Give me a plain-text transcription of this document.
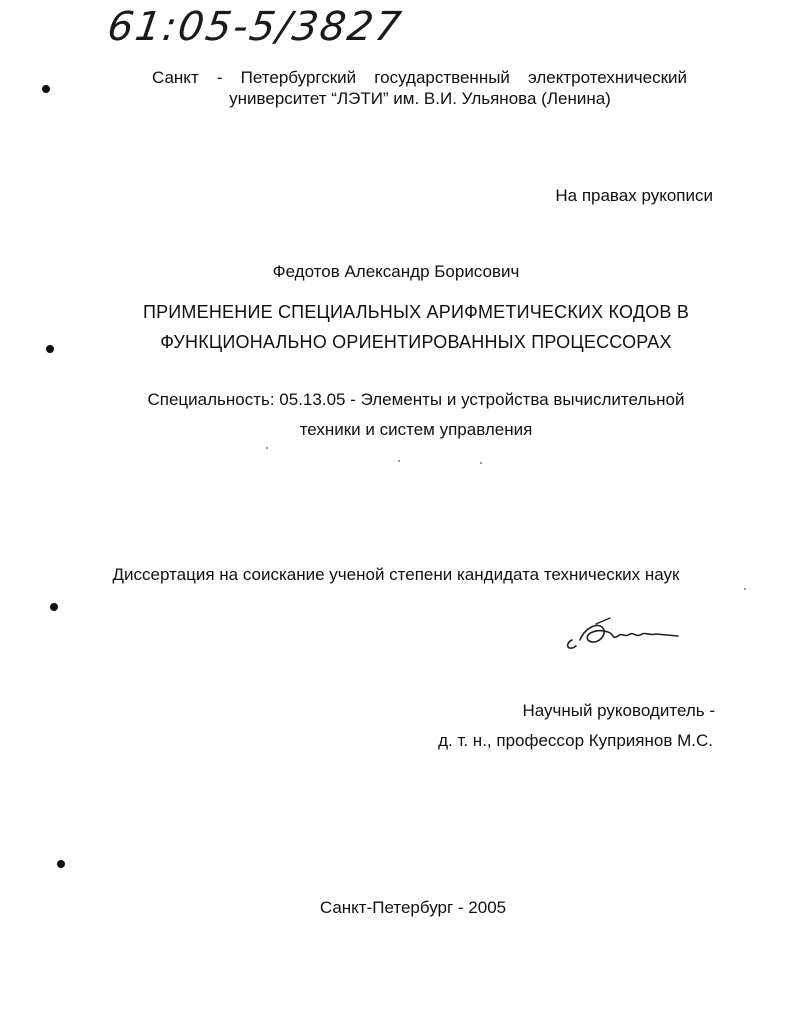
61:05-5/3827
Санкт - Петербургский государственный электротехнический
университет “ЛЭТИ” им. В.И. Ульянова (Ленина)
На правах рукописи
Федотов Александр Борисович
ПРИМЕНЕНИЕ СПЕЦИАЛЬНЫХ АРИФМЕТИЧЕСКИХ КОДОВ В
ФУНКЦИОНАЛЬНО ОРИЕНТИРОВАННЫХ ПРОЦЕССОРАХ
Специальность: 05.13.05 - Элементы и устройства вычислительной
техники и систем управления
Диссертация на соискание ученой степени кандидата технических наук
Научный руководитель -
д. т. н., профессор Куприянов М.С.
Санкт-Петербург - 2005
